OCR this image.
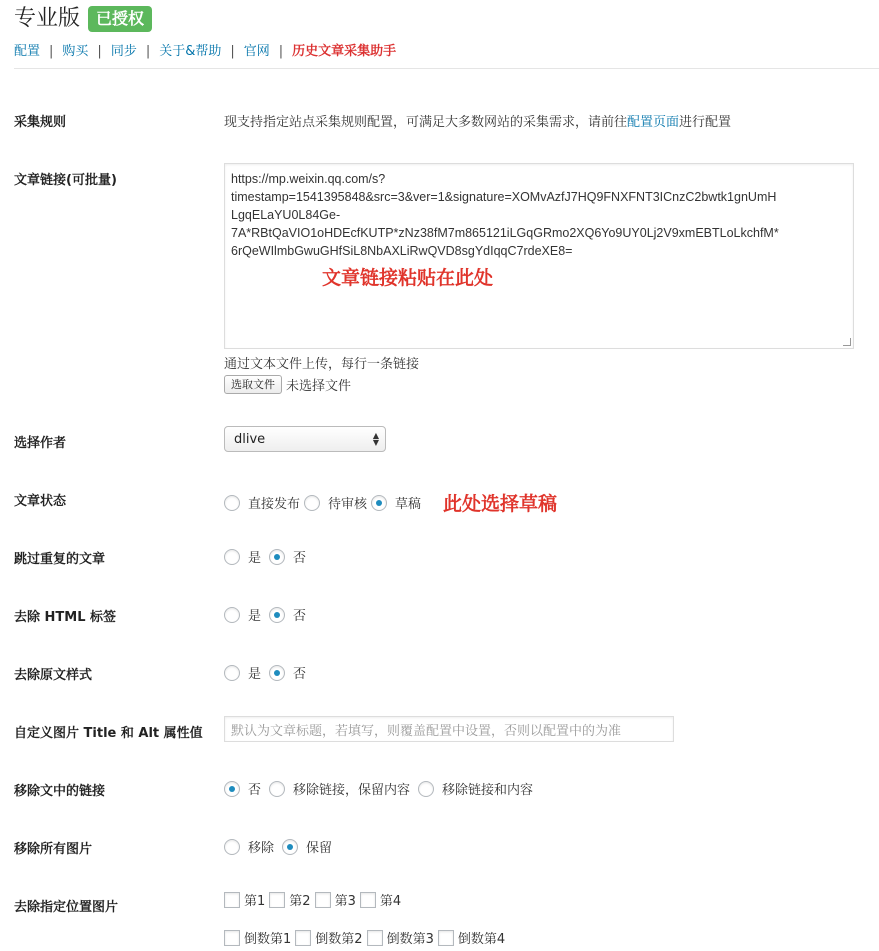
专业版	已授权
配置 | 购买 | 同步 | 关于&帮助 | 官网 | 历史文章采集助手
采集规则	现支持指定站点采集规则配置，可满足大多数网站的采集需求，请前往配置页面进行配置
文章链接(可批量)	https://mp.weixin.qq.com/s?
timestamp=1541395848&src=3&ver=1&signature=XOMvAzfJ7HQ9FNXFNT3ICnzC2bwtk1gnUmH
LgqELaYU0L84Ge-
7A*RBtQaVIO1oHDEcfKUTP*zNz38fM7m865121iLGqGRmo2XQ6Yo9UY0Lj2V9xmEBTLoLkchfM*
6rQeWIlmbGwuGHfSiL8NbAXLiRwQVD8sgYdIqqC7rdeXE8=
文章链接粘贴在此处
通过文本文件上传，每行一条链接
选取文件 未选择文件
选择作者	dlive	▲
▼
文章状态	直接发布 待审核 草稿 此处选择草稿
跳过重复的文章	是 否
去除 HTML 标签	是 否
去除原文样式	是 否
自定义图片 Title 和 Alt 属性值	默认为文章标题，若填写，则覆盖配置中设置，否则以配置中的为准
移除文中的链接	否 移除链接，保留内容 移除链接和内容
移除所有图片	移除 保留
去除指定位置图片	第1 第2 第3 第4
倒数第1 倒数第2 倒数第3 倒数第4
